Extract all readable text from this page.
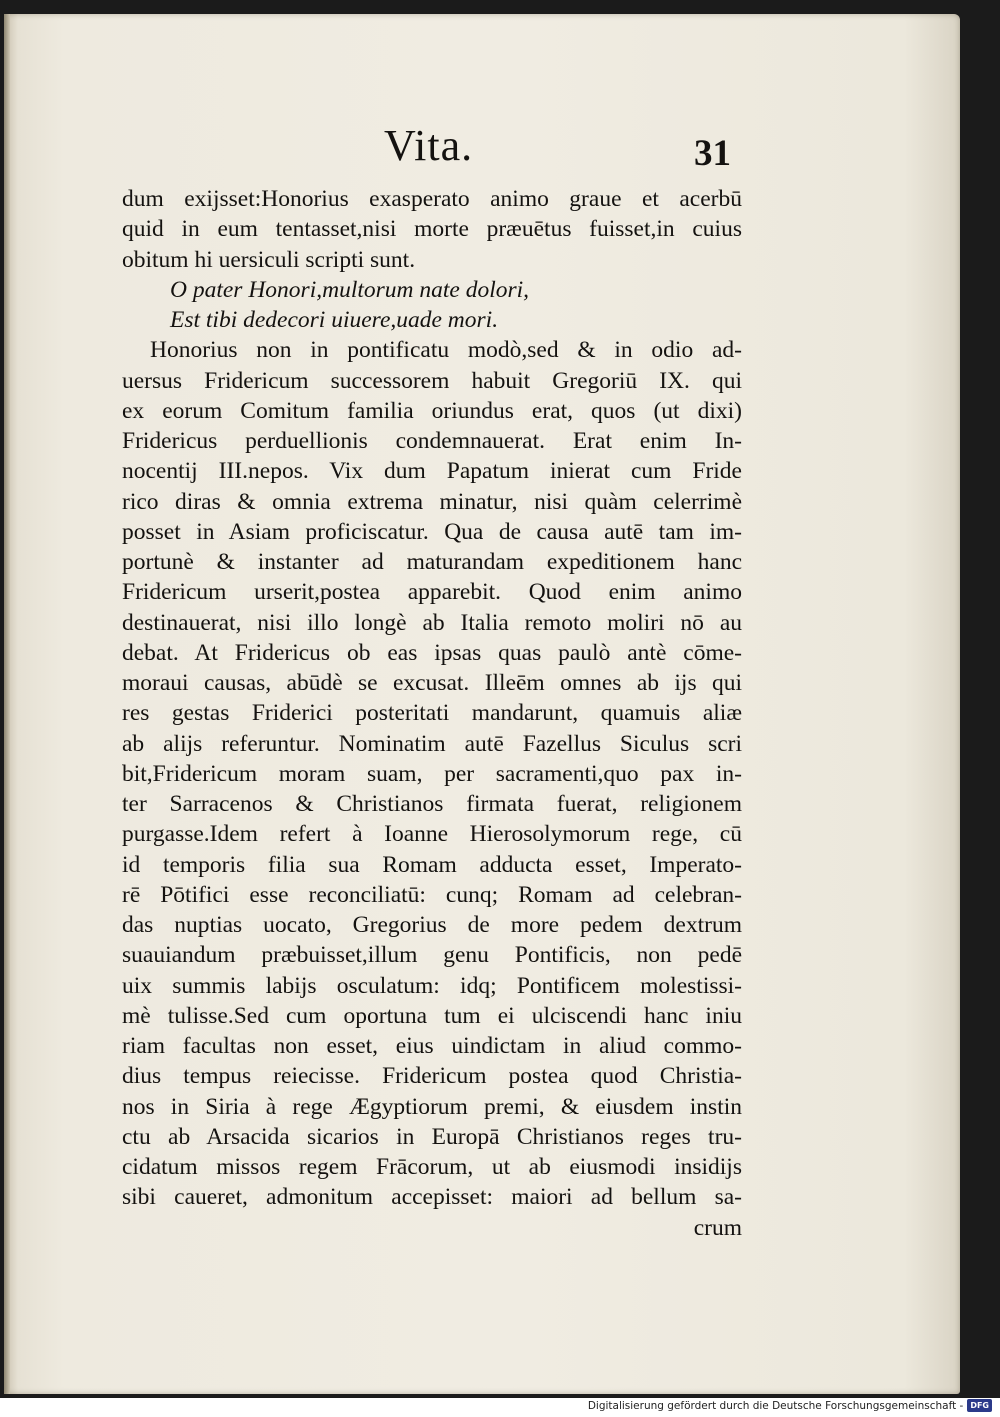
Vita.	31
dum exijsset:Honorius exasperato animo graue et acerbū
quid in eum tentasset,nisi morte præuētus fuisset,in cuius
obitum hi uersiculi scripti sunt.
O pater Honori,multorum nate dolori,
Est tibi dedecori uiuere,uade mori.
Honorius non in pontificatu modò,sed & in odio ad-
uersus Fridericum successorem habuit Gregoriū IX. qui
ex eorum Comitum familia oriundus erat, quos (ut dixi)
Fridericus perduellionis condemnauerat. Erat enim In-
nocentij III.nepos. Vix dum Papatum inierat cum Fride
rico diras & omnia extrema minatur, nisi quàm celerrimè
posset in Asiam proficiscatur. Qua de causa autē tam im-
portunè & instanter ad maturandam expeditionem hanc
Fridericum urserit,postea apparebit. Quod enim animo
destinauerat, nisi illo longè ab Italia remoto moliri nō au
debat. At Fridericus ob eas ipsas quas paulò antè cōme-
moraui causas, abūdè se excusat. Illeēm omnes ab ijs qui
res gestas Friderici posteritati mandarunt, quamuis aliæ
ab alijs referuntur. Nominatim autē Fazellus Siculus scri
bit,Fridericum moram suam, per sacramenti,quo pax in-
ter Sarracenos & Christianos firmata fuerat, religionem
purgasse.Idem refert à Ioanne Hierosolymorum rege, cū
id temporis filia sua Romam adducta esset, Imperato-
rē Pōtifici esse reconciliatū: cunq; Romam ad celebran-
das nuptias uocato, Gregorius de more pedem dextrum
suauiandum præbuisset,illum genu Pontificis, non pedē
uix summis labijs osculatum: idq; Pontificem molestissi-
mè tulisse.Sed cum oportuna tum ei ulciscendi hanc iniu
riam facultas non esset, eius uindictam in aliud commo-
dius tempus reiecisse. Fridericum postea quod Christia-
nos in Siria à rege Ægyptiorum premi, & eiusdem instin
ctu ab Arsacida sicarios in Europā Christianos reges tru-
cidatum missos regem Frācorum, ut ab eiusmodi insidijs
sibi caueret, admonitum accepisset: maiori ad bellum sa-
crum
Digitalisierung gefördert durch die Deutsche Forschungsgemeinschaft - DFG
